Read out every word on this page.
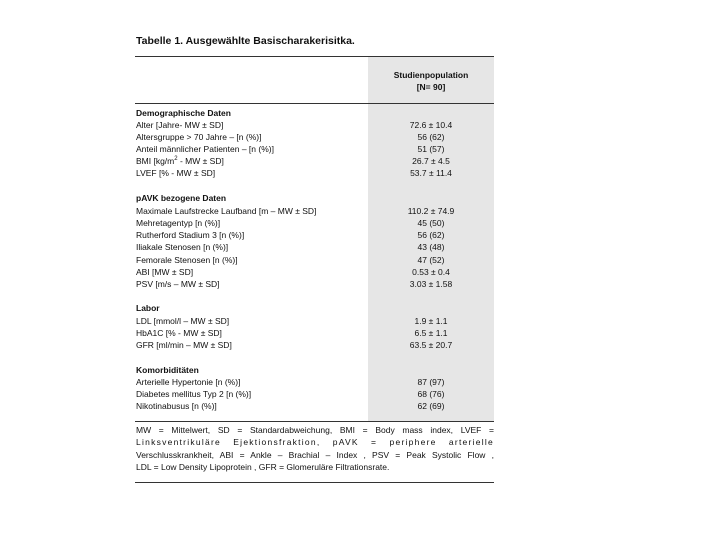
Tabelle 1. Ausgewählte Basischarakerisitka.
Studienpopulation
[N= 90]
Demographische Daten
Alter [Jahre- MW ± SD]	72.6 ± 10.4
Altersgruppe > 70 Jahre – [n (%)]	56 (62)
Anteil männlicher Patienten – [n (%)]	51 (57)
BMI [$kg/m^2$ - MW ± SD]	26.7 ± 4.5
LVEF [% - MW ± SD]	53.7 ± 11.4
pAVK bezogene Daten
Maximale Laufstrecke Laufband [m – MW ± SD]	110.2 ± 74.9
Mehretagentyp [n (%)]	45 (50)
Rutherford Stadium 3 [n (%)]	56 (62)
Iliakale Stenosen [n (%)]	43 (48)
Femorale Stenosen [n (%)]	47 (52)
ABI [MW ± SD]	0.53 ± 0.4
PSV [m/s – MW ± SD]	3.03 ± 1.58
Labor
LDL [mmol/l – MW ± SD]	1.9 ± 1.1
HbA1C [% - MW ± SD]	6.5 ± 1.1
GFR [ml/min – MW ± SD]	63.5 ± 20.7
Komorbiditäten
Arterielle Hypertonie [n (%)]	87 (97)
Diabetes mellitus Typ 2 [n (%)]	68 (76)
Nikotinabusus [n (%)]	62 (69)
MW = Mittelwert, SD = Standardabweichung, BMI = Body mass index, LVEF =
Linksventrikuläre Ejektionsfraktion, pAVK = periphere arterielle
Verschlusskrankheit, ABI = Ankle – Brachial – Index , PSV = Peak Systolic Flow ,
LDL = Low Density Lipoprotein , GFR = Glomeruläre Filtrationsrate.
